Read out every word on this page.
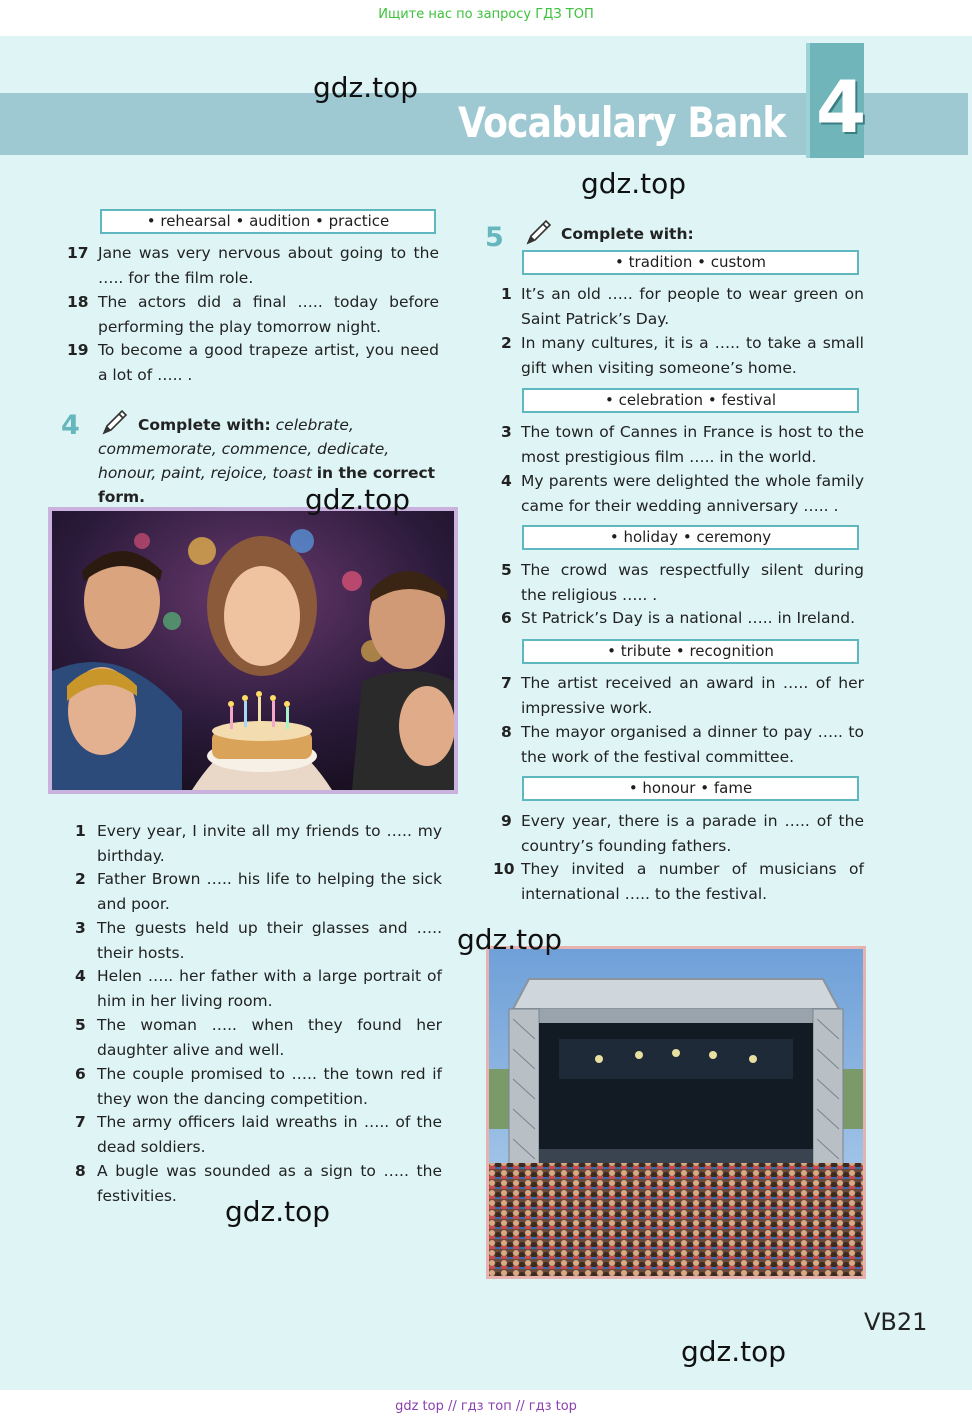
Ищите нас по запросу ГДЗ ТОП
Vocabulary Bank 4
gdz.top
gdz.top
gdz.top
gdz.top
gdz.top
gdz.top
• rehearsal • audition • practice
17 Jane was very nervous about going to the ….. for the film role.
18 The actors did a final ….. today before performing the play tomorrow night.
19 To become a good trapeze artist, you need a lot of ….. .
4	Complete with: celebrate, commemorate, commence, dedicate, honour, paint, rejoice, toast in the correct form.
1 Every year, I invite all my friends to ….. my birthday.
2 Father Brown ….. his life to helping the sick and poor.
3 The guests held up their glasses and ….. their hosts.
4 Helen ….. her father with a large portrait of him in her living room.
5 The woman ….. when they found her daughter alive and well.
6 The couple promised to ….. the town red if they won the dancing competition.
7 The army officers laid wreaths in ….. of the dead soldiers.
8 A bugle was sounded as a sign to ….. the festivities.
5	Complete with:
• tradition • custom
1 It’s an old ….. for people to wear green on Saint Patrick’s Day.
2 In many cultures, it is a ….. to take a small gift when visiting someone’s home.
• celebration • festival
3 The town of Cannes in France is host to the most prestigious film ….. in the world.
4 My parents were delighted the whole family came for their wedding anniversary ….. .
• holiday • ceremony
5 The crowd was respectfully silent during the religious ….. .
6 St Patrick’s Day is a national ….. in Ireland.
• tribute • recognition
7 The artist received an award in ….. of her impressive work.
8 The mayor organised a dinner to pay ….. to the work of the festival committee.
• honour • fame
9 Every year, there is a parade in ….. of the country’s founding fathers.
10 They invited a number of musicians of international ….. to the festival.
VB21
gdz top // гдз топ // гдз top
